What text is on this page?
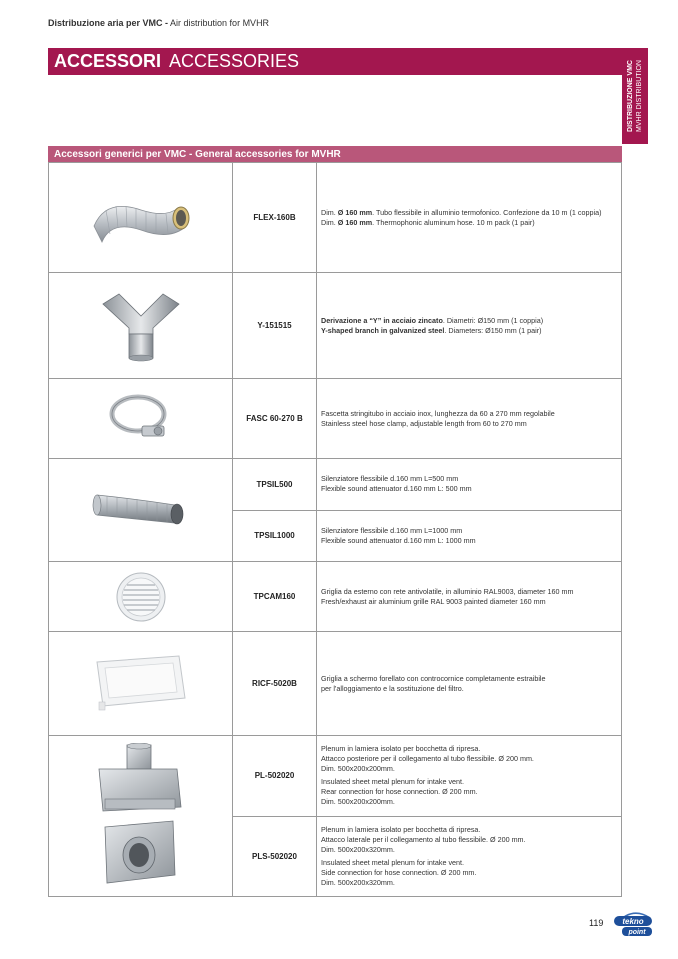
Distribuzione aria per VMC - Air distribution for MVHR
ACCESSORI ACCESSORIES	DISTRIBUZIONE VMC MVHR DISTRIBUTION
Accessori generici per VMC - General accessories for MVHR
FLEX-160B
Dim. Ø 160 mm. Tubo flessibile in alluminio termofonico. Confezione da 10 m (1 coppia)
Dim. Ø 160 mm. Thermophonic aluminum hose. 10 m pack (1 pair)
Y-151515
Derivazione a “Y” in acciaio zincato. Diametri: Ø150 mm (1 coppia)
Y-shaped branch in galvanized steel. Diameters: Ø150 mm (1 pair)
FASC 60-270 B
Fascetta stringitubo in acciaio inox, lunghezza da 60 a 270 mm regolabile
Stainless steel hose clamp, adjustable length from 60 to 270 mm
TPSIL500
Silenziatore flessibile d.160 mm L=500 mm
Flexible sound attenuator d.160 mm L: 500 mm
TPSIL1000
Silenziatore flessibile d.160 mm L=1000 mm
Flexible sound attenuator d.160 mm L: 1000 mm
TPCAM160
Griglia da esterno con rete antivolatile, in alluminio RAL9003, diameter 160 mm
Fresh/exhaust air aluminium grille RAL 9003 painted diameter 160 mm
RICF-5020B
Griglia a schermo forellato con controcornice completamente estraibile
per l'alloggiamento e la sostituzione del filtro.
PL-502020
Plenum in lamiera isolato per bocchetta di ripresa.
Attacco posteriore per il collegamento al tubo flessibile. Ø 200 mm.
Dim. 500x200x200mm.
Insulated sheet metal plenum for intake vent.
Rear connection for hose connection. Ø 200 mm.
Dim. 500x200x200mm.
PLS-502020
Plenum in lamiera isolato per bocchetta di ripresa.
Attacco laterale per il collegamento al tubo flessibile. Ø 200 mm.
Dim. 500x200x320mm.
Insulated sheet metal plenum for intake vent.
Side connection for hose connection. Ø 200 mm.
Dim. 500x200x320mm.
119 tekno
point
